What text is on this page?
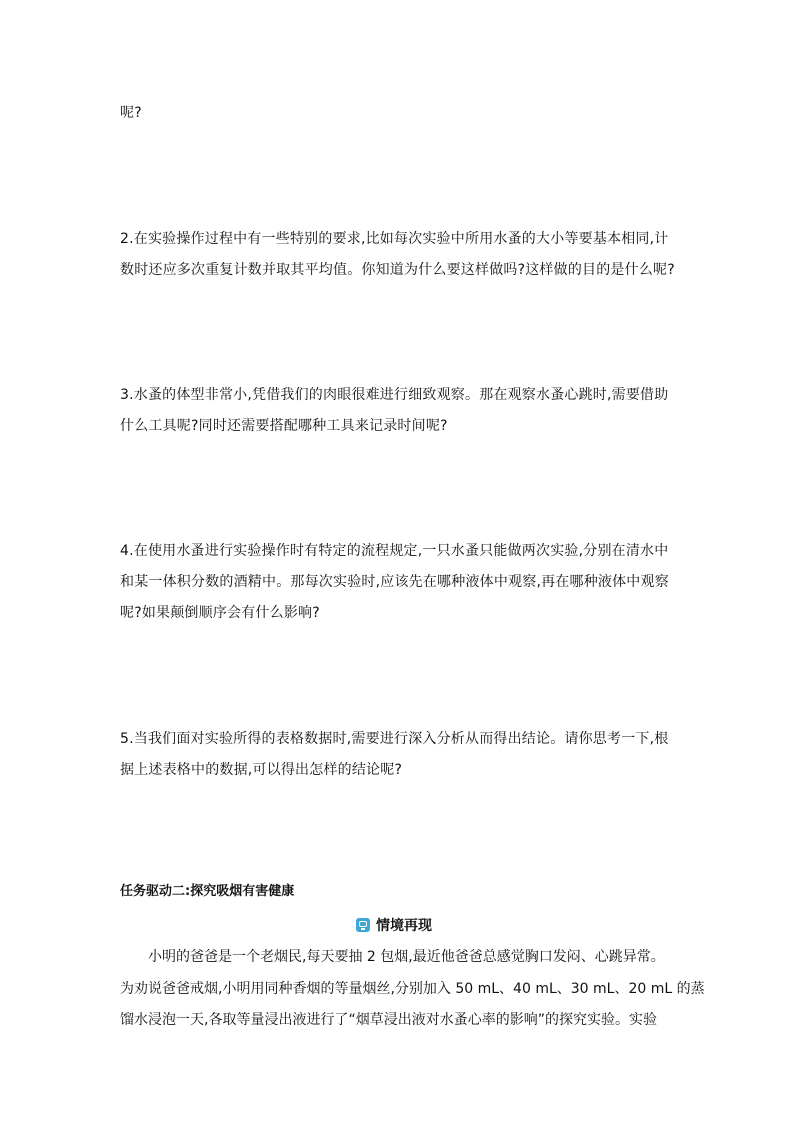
呢?
2.在实验操作过程中有一些特别的要求,比如每次实验中所用水蚤的大小等要基本相同,计
数时还应多次重复计数并取其平均值。你知道为什么要这样做吗?这样做的目的是什么呢?
3.水蚤的体型非常小,凭借我们的肉眼很难进行细致观察。那在观察水蚤心跳时,需要借助
什么工具呢?同时还需要搭配哪种工具来记录时间呢?
4.在使用水蚤进行实验操作时有特定的流程规定,一只水蚤只能做两次实验,分别在清水中
和某一体积分数的酒精中。那每次实验时,应该先在哪种液体中观察,再在哪种液体中观察
呢?如果颠倒顺序会有什么影响?
5.当我们面对实验所得的表格数据时,需要进行深入分析从而得出结论。请你思考一下,根
据上述表格中的数据,可以得出怎样的结论呢?
任务驱动二:探究吸烟有害健康
情境再现
小明的爸爸是一个老烟民,每天要抽 2 包烟,最近他爸爸总感觉胸口发闷、心跳异常。
为劝说爸爸戒烟,小明用同种香烟的等量烟丝,分别加入 50 mL、40 mL、30 mL、20 mL 的蒸
馏水浸泡一天,各取等量浸出液进行了“烟草浸出液对水蚤心率的影响”的探究实验。实验
